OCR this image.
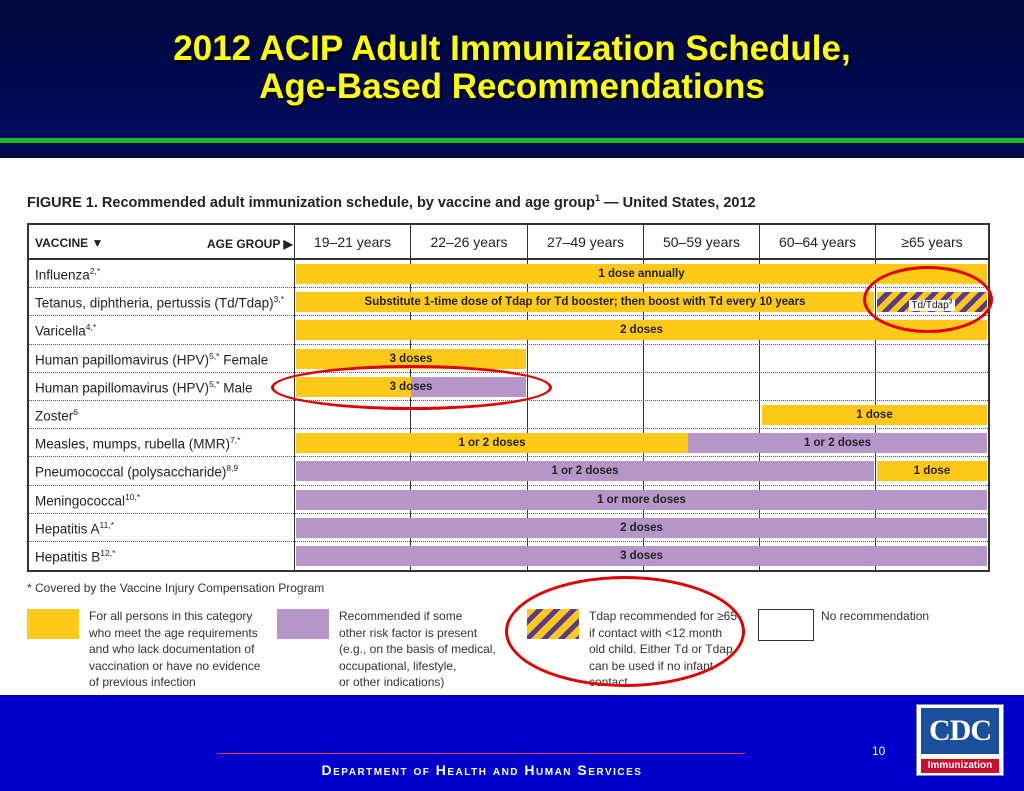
2012 ACIP Adult Immunization Schedule,
Age-Based Recommendations
FIGURE 1. Recommended adult immunization schedule, by vaccine and age group$^1$ — United States, 2012
VACCINE ▼	AGE GROUP ▶	19–21 years	22–26 years	27–49 years	50–59 years	60–64 years	≥65 years
Influenza$^{2,*}$	1 dose annually
Tetanus, diphtheria, pertussis (Td/Tdap)$^{3,*}$	Substitute 1-time dose of Tdap for Td booster; then boost with Td every 10 years	Td/Tdap$^3$
Varicella$^{4,*}$	2 doses
Human papillomavirus (HPV)$^{5,*}$ Female	3 doses
Human papillomavirus (HPV)$^{5,*}$ Male	3 doses
Zoster$^6$	1 dose
Measles, mumps, rubella (MMR)$^{7,*}$	1 or 2 doses	1 or 2 doses
Pneumococcal (polysaccharide)$^{8,9}$	1 or 2 doses	1 dose
Meningococcal$^{10,*}$	1 or more doses
Hepatitis $A^{11,*}$	2 doses
Hepatitis $B^{12,*}$	3 doses
* Covered by the Vaccine Injury Compensation Program
For all persons in this category
who meet the age requirements
and who lack documentation of
vaccination or have no evidence
of previous infection
Recommended if some
other risk factor is present
(e.g., on the basis of medical,
occupational, lifestyle,
or other indications)
Tdap recommended for ≥65
if contact with <12 month
old child. Either Td or Tdap
can be used if no infant
contact
No recommendation
Department of Health and Human Services
10
CDC
Immunization
